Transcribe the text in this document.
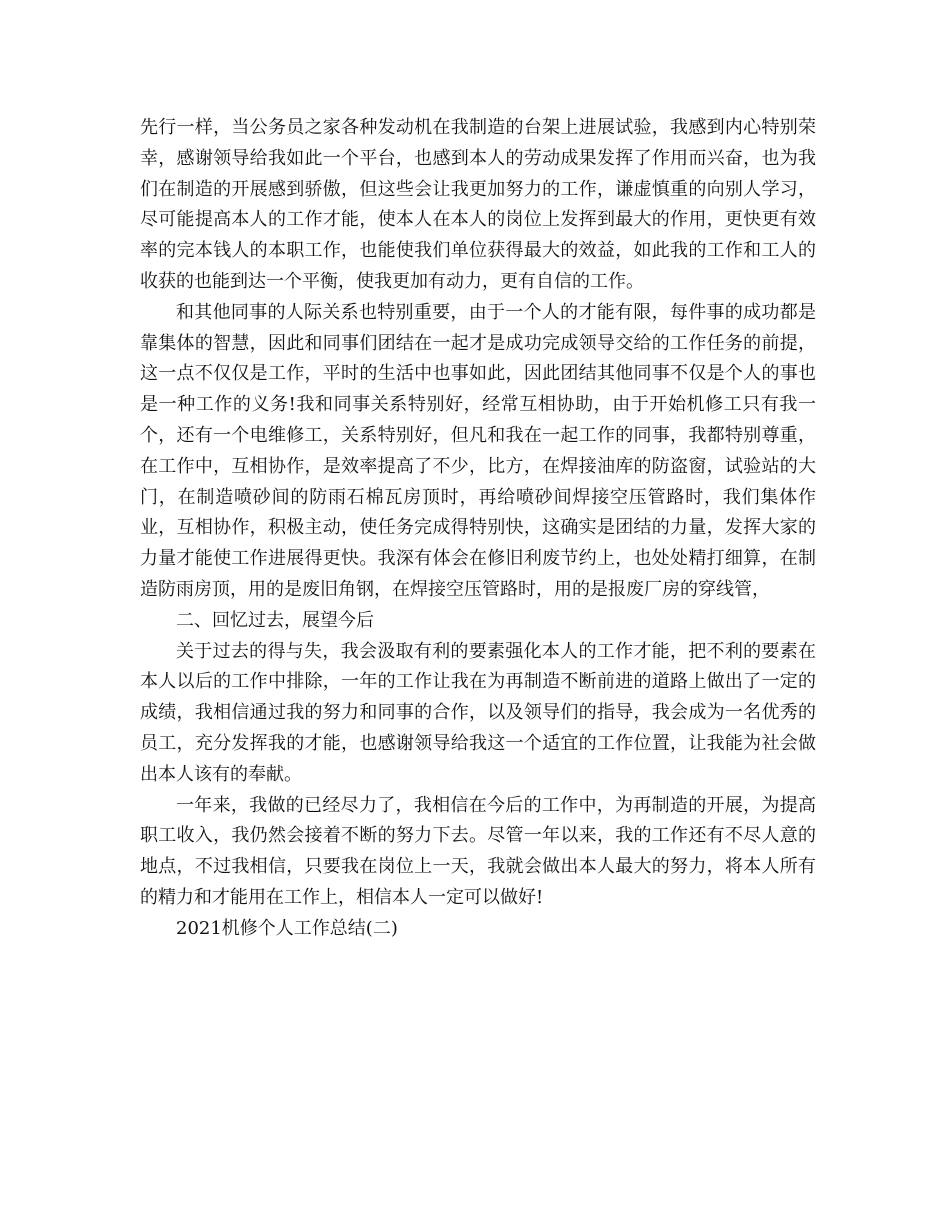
先行一样，当公务员之家各种发动机在我制造的台架上进展试验，我感到内心特别荣幸，感谢领导给我如此一个平台，也感到本人的劳动成果发挥了作用而兴奋，也为我们在制造的开展感到骄傲，但这些会让我更加努力的工作，谦虚慎重的向别人学习，尽可能提高本人的工作才能，使本人在本人的岗位上发挥到最大的作用，更快更有效率的完本钱人的本职工作，也能使我们单位获得最大的效益，如此我的工作和工人的收获的也能到达一个平衡，使我更加有动力，更有自信的工作。

和其他同事的人际关系也特别重要，由于一个人的才能有限，每件事的成功都是靠集体的智慧，因此和同事们团结在一起才是成功完成领导交给的工作任务的前提，这一点不仅仅是工作，平时的生活中也事如此，因此团结其他同事不仅是个人的事也是一种工作的义务!我和同事关系特别好，经常互相协助，由于开始机修工只有我一个，还有一个电维修工，关系特别好，但凡和我在一起工作的同事，我都特别尊重，在工作中，互相协作，是效率提高了不少，比方，在焊接油库的防盗窗，试验站的大门，在制造喷砂间的防雨石棉瓦房顶时，再给喷砂间焊接空压管路时，我们集体作业，互相协作，积极主动，使任务完成得特别快，这确实是团结的力量，发挥大家的力量才能使工作进展得更快。我深有体会在修旧利废节约上，也处处精打细算，在制造防雨房顶，用的是废旧角钢，在焊接空压管路时，用的是报废厂房的穿线管，

二、回忆过去，展望今后

关于过去的得与失，我会汲取有利的要素强化本人的工作才能，把不利的要素在本人以后的工作中排除，一年的工作让我在为再制造不断前进的道路上做出了一定的成绩，我相信通过我的努力和同事的合作，以及领导们的指导，我会成为一名优秀的员工，充分发挥我的才能，也感谢领导给我这一个适宜的工作位置，让我能为社会做出本人该有的奉献。

一年来，我做的已经尽力了，我相信在今后的工作中，为再制造的开展，为提高职工收入，我仍然会接着不断的努力下去。尽管一年以来，我的工作还有不尽人意的地点，不过我相信，只要我在岗位上一天，我就会做出本人最大的努力，将本人所有的精力和才能用在工作上，相信本人一定可以做好!

2021机修个人工作总结(二)
